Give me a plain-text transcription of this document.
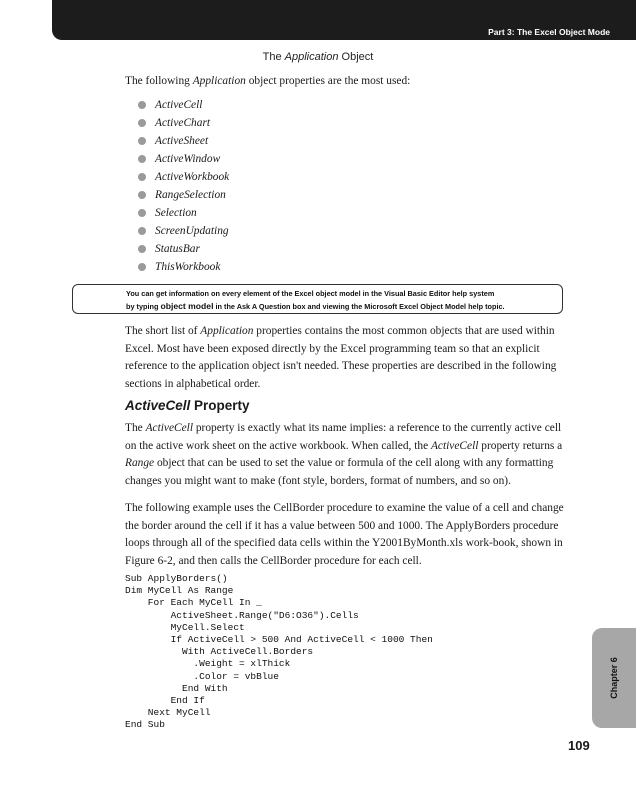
Part 3: The Excel Object Mode
The Application Object

The following Application object properties are the most used:

ActiveCell
ActiveChart
ActiveSheet
ActiveWindow
ActiveWorkbook
RangeSelection
Selection
ScreenUpdating
StatusBar
ThisWorkbook
You can get information on every element of the Excel object model in the Visual Basic Editor help system
by typing object model in the Ask A Question box and viewing the Microsoft Excel Object Model help topic.

The short list of Application properties contains the most common objects that are used within Excel. Most have been exposed directly by the Excel programming team so that an explicit reference to the application object isn't needed. These properties are described in the following sections in alphabetical order.

ActiveCell Property

The ActiveCell property is exactly what its name implies: a reference to the currently active cell on the active work sheet on the active workbook. When called, the ActiveCell property returns a Range object that can be used to set the value or formula of the cell along with any formatting changes you might want to make (font style, borders, format of numbers, and so on).

The following example uses the CellBorder procedure to examine the value of a cell and change the border around the cell if it has a value between 500 and 1000. The ApplyBorders procedure loops through all of the specified data cells within the Y2001ByMonth.xls work-book, shown in Figure 6-2, and then calls the CellBorder procedure for each cell.

Sub ApplyBorders()
Dim MyCell As Range
For Each MyCell In _
ActiveSheet.Range("D6:O36").Cells
MyCell.Select
If ActiveCell > 500 And ActiveCell < 1000 Then
With ActiveCell.Borders
.Weight = xlThick
.Color = vbBlue
End With
End If
Next MyCell
End Sub
Chapter 6
109
